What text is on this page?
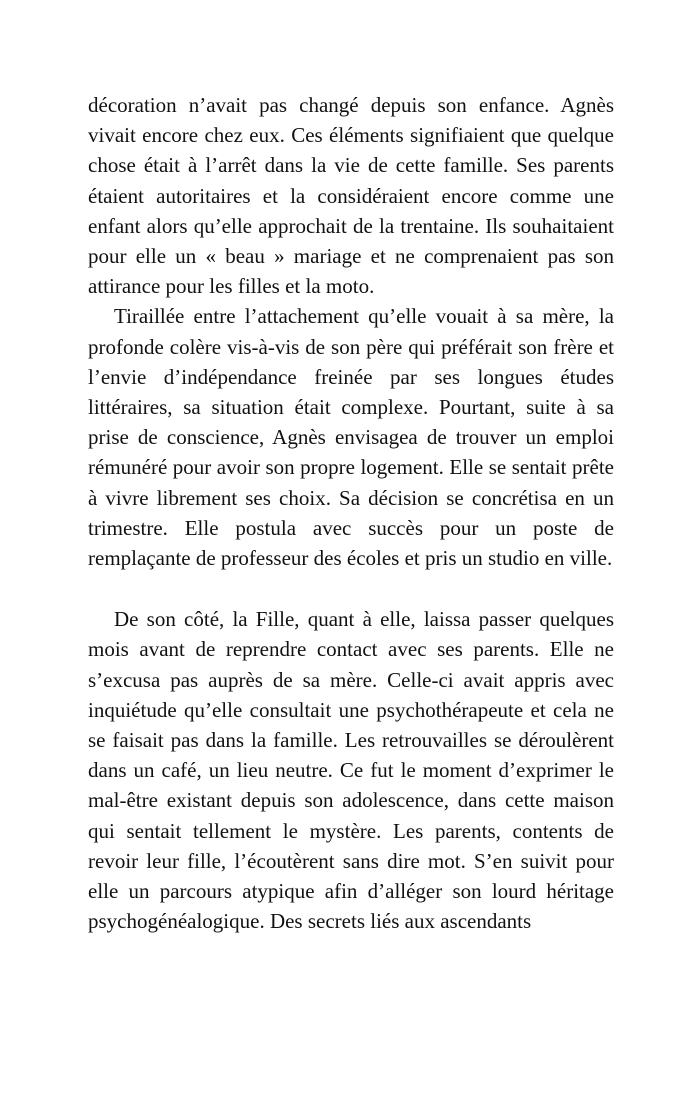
décoration n’avait pas changé depuis son enfance. Agnès vivait encore chez eux. Ces éléments signifiaient que quelque chose était à l’arrêt dans la vie de cette famille. Ses parents étaient autoritaires et la considéraient encore comme une enfant alors qu’elle approchait de la trentaine. Ils souhaitaient pour elle un « beau » mariage et ne comprenaient pas son attirance pour les filles et la moto.

Tiraillée entre l’attachement qu’elle vouait à sa mère, la profonde colère vis-à-vis de son père qui préférait son frère et l’envie d’indépendance freinée par ses longues études littéraires, sa situation était complexe. Pourtant, suite à sa prise de conscience, Agnès envisagea de trouver un emploi rémunéré pour avoir son propre logement. Elle se sentait prête à vivre librement ses choix. Sa décision se concrétisa en un trimestre. Elle postula avec succès pour un poste de remplaçante de professeur des écoles et pris un studio en ville.

De son côté, la Fille, quant à elle, laissa passer quelques mois avant de reprendre contact avec ses parents. Elle ne s’excusa pas auprès de sa mère. Celle-ci avait appris avec inquiétude qu’elle consultait une psychothérapeute et cela ne se faisait pas dans la famille. Les retrouvailles se déroulèrent dans un café, un lieu neutre. Ce fut le moment d’exprimer le mal-être existant depuis son adolescence, dans cette maison qui sentait tellement le mystère. Les parents, contents de revoir leur fille, l’écoutèrent sans dire mot. S’en suivit pour elle un parcours atypique afin d’alléger son lourd héritage psychogénéalogique. Des secrets liés aux ascendants
